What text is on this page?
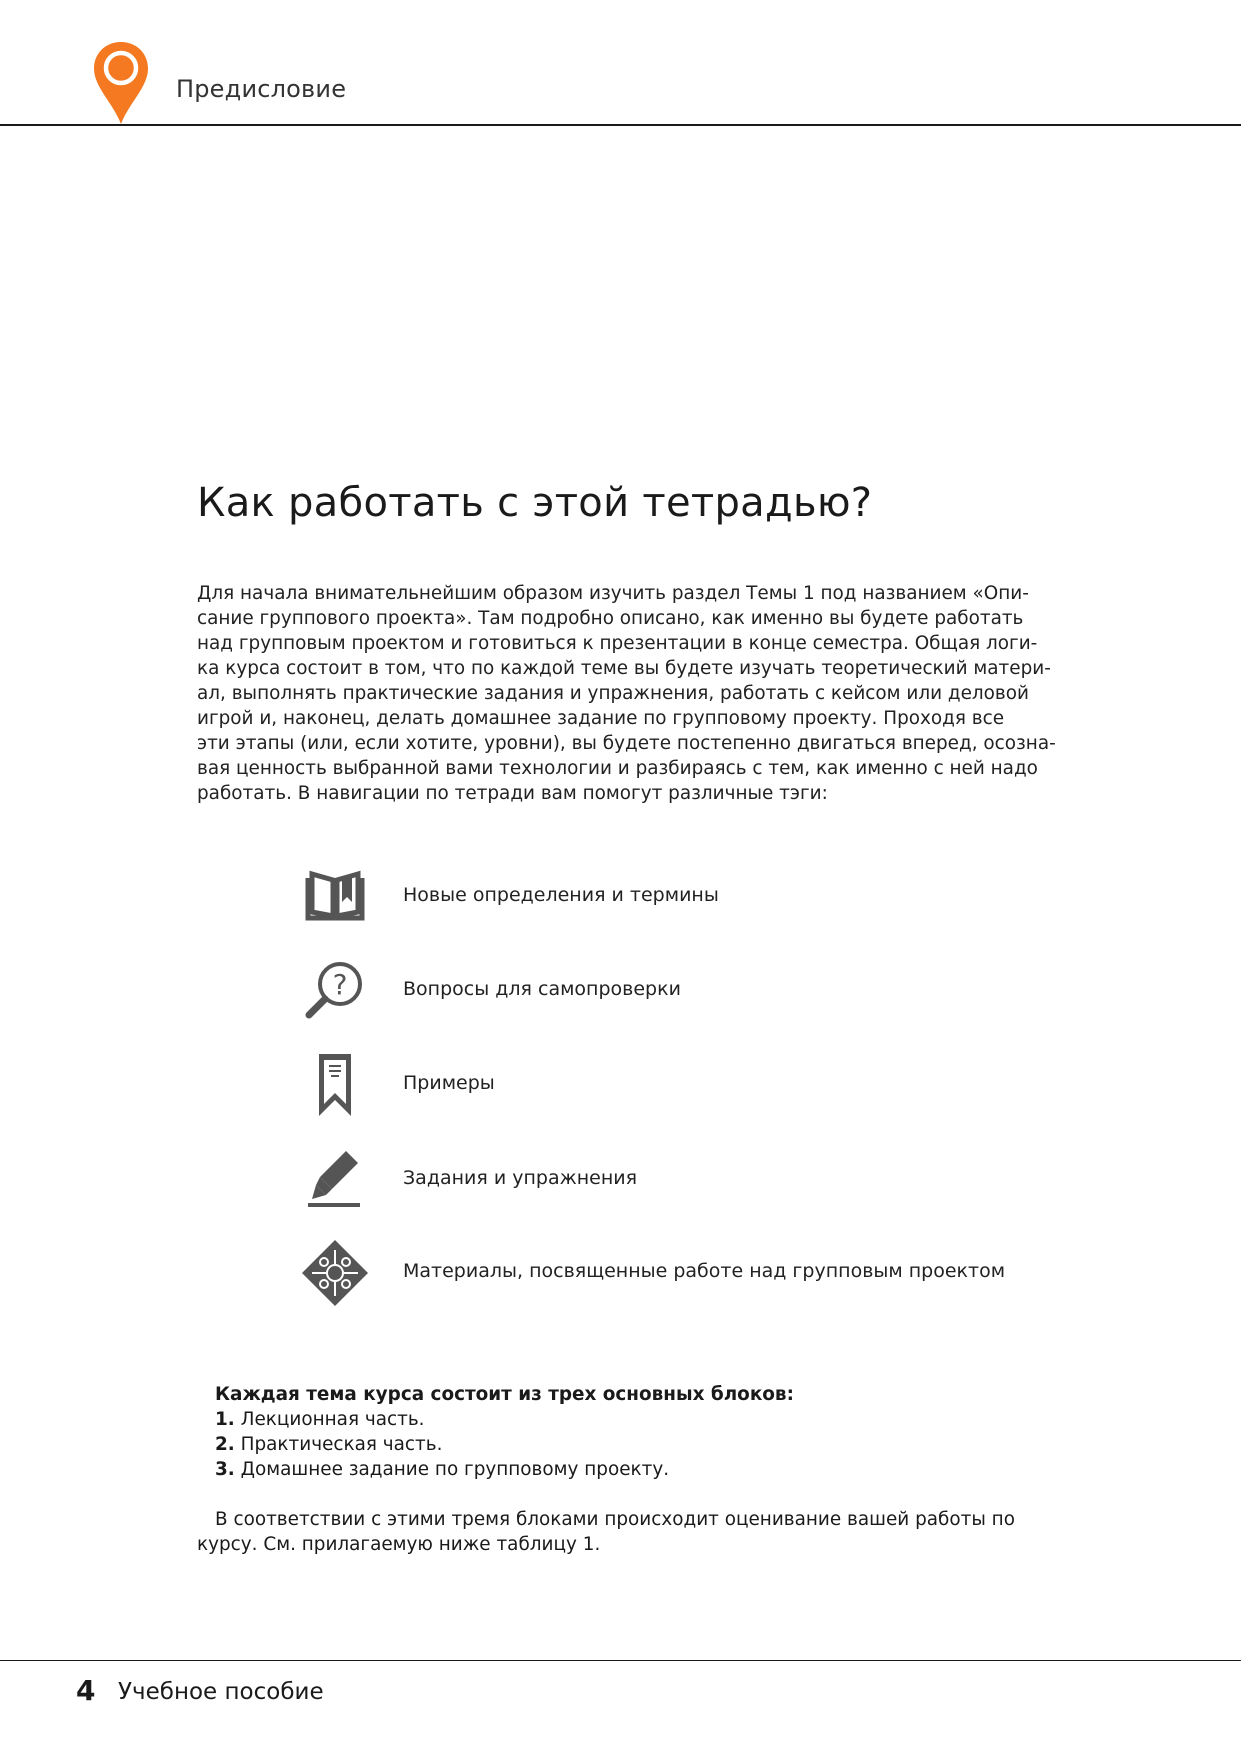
Предисловие
Как работать с этой тетрадью?

Для начала внимательнейшим образом изучить раздел Темы 1 под названием «Опи-
сание группового проекта». Там подробно описано, как именно вы будете работать
над групповым проектом и готовиться к презентации в конце семестра. Общая логи-
ка курса состоит в том, что по каждой теме вы будете изучать теоретический матери-
ал, выполнять практические задания и упражнения, работать с кейсом или деловой
игрой и, наконец, делать домашнее задание по групповому проекту. Проходя все
эти этапы (или, если хотите, уровни), вы будете постепенно двигаться вперед, осозна-
вая ценность выбранной вами технологии и разбираясь с тем, как именно с ней надо
работать. В навигации по тетради вам помогут различные тэги:

Новые определения и термины
?	Вопросы для самопроверки
Примеры
Задания и упражнения
Материалы, посвященные работе над групповым проектом
Каждая тема курса состоит из трех основных блоков:
1. Лекционная часть.
2. Практическая часть.
3. Домашнее задание по групповому проекту.

В соответствии с этими тремя блоками происходит оценивание вашей работы по
курсу. См. прилагаемую ниже таблицу 1.

4 Учебное пособие
